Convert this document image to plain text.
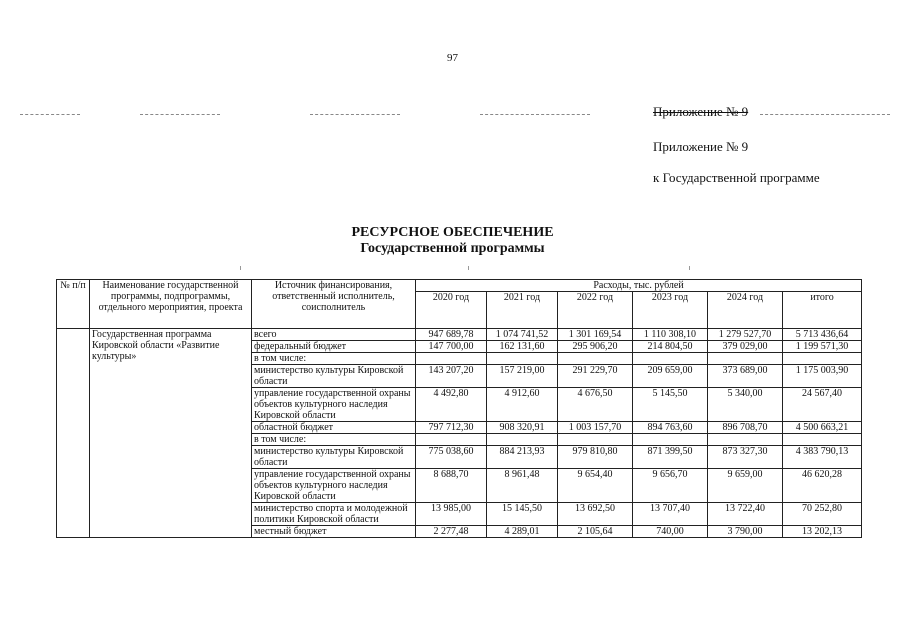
97
Приложение № 9
Приложение № 9
к Государственной программе
РЕСУРСНОЕ ОБЕСПЕЧЕНИЕ
Государственной программы
№ п/п	Наименование государственной программы, подпрограммы, отдельного мероприятия, проекта	Источник финансирования, ответственный исполнитель, соисполнитель	Расходы, тыс. рублей					
			2020 год	2021 год	2022 год	2023 год	2024 год	итого
	Государственная программа Кировской области «Развитие культуры»	всего	947 689,78	1 074 741,52	1 301 169,54	1 110 308,10	1 279 527,70	5 713 436,64
		федеральный бюджет	147 700,00	162 131,60	295 906,20	214 804,50	379 029,00	1 199 571,30
		в том числе:						
		министерство культуры Кировской области	143 207,20	157 219,00	291 229,70	209 659,00	373 689,00	1 175 003,90
		управление государственной охраны объектов культурного наследия Кировской области	4 492,80	4 912,60	4 676,50	5 145,50	5 340,00	24 567,40
		областной бюджет	797 712,30	908 320,91	1 003 157,70	894 763,60	896 708,70	4 500 663,21
		в том числе:						
		министерство культуры Кировской области	775 038,60	884 213,93	979 810,80	871 399,50	873 327,30	4 383 790,13
		управление государственной охраны объектов культурного наследия Кировской области	8 688,70	8 961,48	9 654,40	9 656,70	9 659,00	46 620,28
		министерство спорта и молодежной политики Кировской области	13 985,00	15 145,50	13 692,50	13 707,40	13 722,40	70 252,80
		местный бюджет	2 277,48	4 289,01	2 105,64	740,00	3 790,00	13 202,13
